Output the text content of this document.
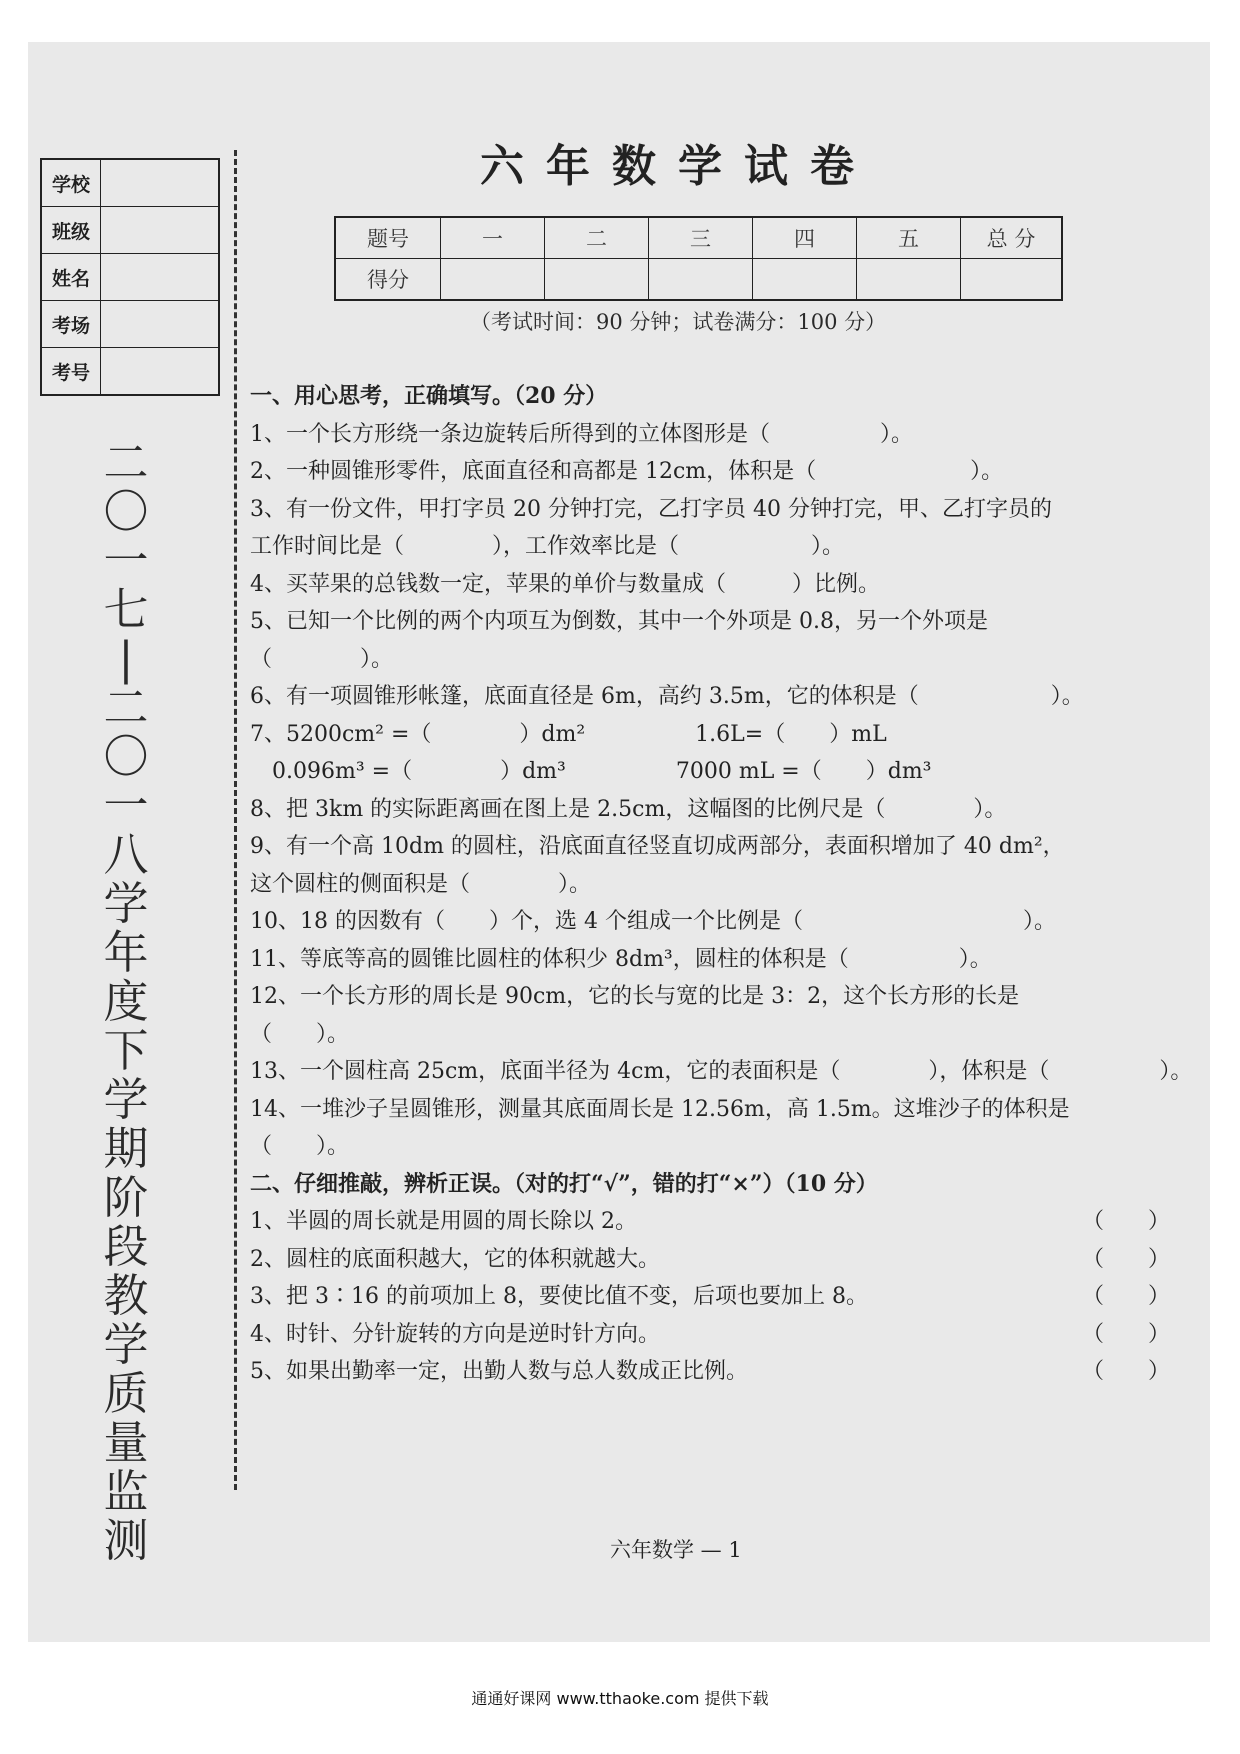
学校
班级
姓名
考场
考号
二
〇
一
七
|
二
〇
一
八
学
年
度
下
学
期
阶
段
教
学
质
量
监
测
六年数学试卷
题号	一	二	三	四	五	总 分
得分						
（考试时间：90 分钟；试卷满分：100 分）
一、用心思考，正确填写。（20 分）
1、一个长方形绕一条边旋转后所得到的立体图形是（　　　　　）。
2、一种圆锥形零件，底面直径和高都是 12cm，体积是（　　　　　　　）。
3、有一份文件，甲打字员 20 分钟打完，乙打字员 40 分钟打完，甲、乙打字员的
工作时间比是（　　　　），工作效率比是（　　　　　　）。
4、买苹果的总钱数一定，苹果的单价与数量成（　　　）比例。
5、已知一个比例的两个内项互为倒数，其中一个外项是 0.8，另一个外项是
（　　　　）。
6、有一项圆锥形帐篷，底面直径是 6m，高约 3.5m，它的体积是（　　　　　　）。
7、5200cm² =（　　　　）dm²　　　　　1.6L=（　　）mL
　0.096m³ =（　　　　）dm³　　　　　7000 mL =（　　）dm³
8、把 3km 的实际距离画在图上是 2.5cm，这幅图的比例尺是（　　　　）。
9、有一个高 10dm 的圆柱，沿底面直径竖直切成两部分，表面积增加了 40 dm²，
这个圆柱的侧面积是（　　　　）。
10、18 的因数有（　　）个，选 4 个组成一个比例是（　　　　　　　　　　）。
11、等底等高的圆锥比圆柱的体积少 8dm³，圆柱的体积是（　　　　　）。
12、一个长方形的周长是 90cm，它的长与宽的比是 3：2，这个长方形的长是
（　　）。
13、一个圆柱高 25cm，底面半径为 4cm，它的表面积是（　　　　），体积是（　　　　　）。
14、一堆沙子呈圆锥形，测量其底面周长是 12.56m，高 1.5m。这堆沙子的体积是
（　　）。
二、仔细推敲，辨析正误。（对的打“√”，错的打“×”）（10 分）
1、半圆的周长就是用圆的周长除以 2。	（　　）
2、圆柱的底面积越大，它的体积就越大。	（　　）
3、把 3∶16 的前项加上 8，要使比值不变，后项也要加上 8。	（　　）
4、时针、分针旋转的方向是逆时针方向。	（　　）
5、如果出勤率一定，出勤人数与总人数成正比例。	（　　）
六年数学 — 1
通通好课网 www.tthaoke.com 提供下载
